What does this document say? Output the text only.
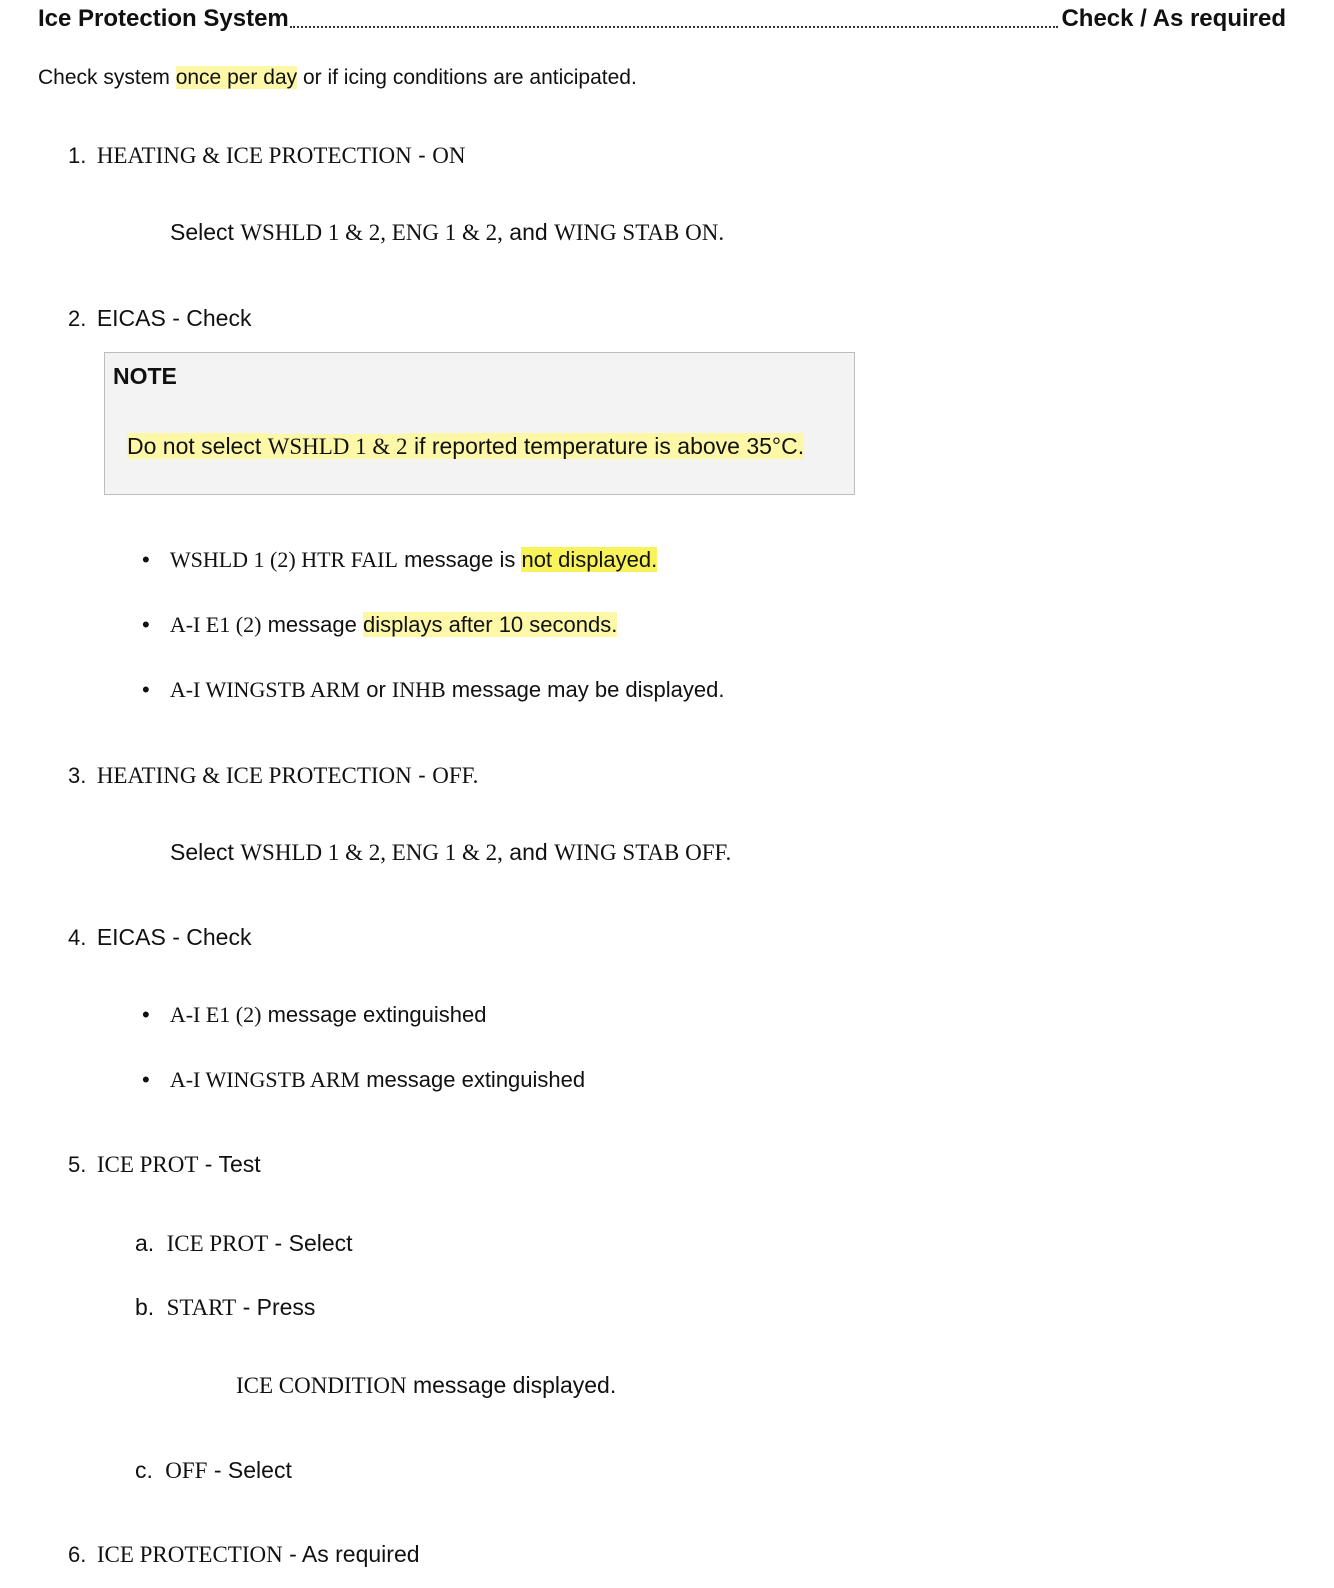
Ice Protection System	Check / As required
Check system once per day or if icing conditions are anticipated.
1. HEATING & ICE PROTECTION - ON
Select WSHLD 1 & 2, ENG 1 & 2, and WING STAB ON.
2. EICAS - Check
NOTE
Do not select WSHLD 1 & 2 if reported temperature is above 35°C.
• WSHLD 1 (2) HTR FAIL message is not displayed.
• A-I E1 (2) message displays after 10 seconds.
• A-I WINGSTB ARM or INHB message may be displayed.
3. HEATING & ICE PROTECTION - OFF.
Select WSHLD 1 & 2, ENG 1 & 2, and WING STAB OFF.
4. EICAS - Check
• A-I E1 (2) message extinguished
• A-I WINGSTB ARM message extinguished
5. ICE PROT - Test
a. ICE PROT - Select
b. START - Press
ICE CONDITION message displayed.
c. OFF - Select
6. ICE PROTECTION - As required
